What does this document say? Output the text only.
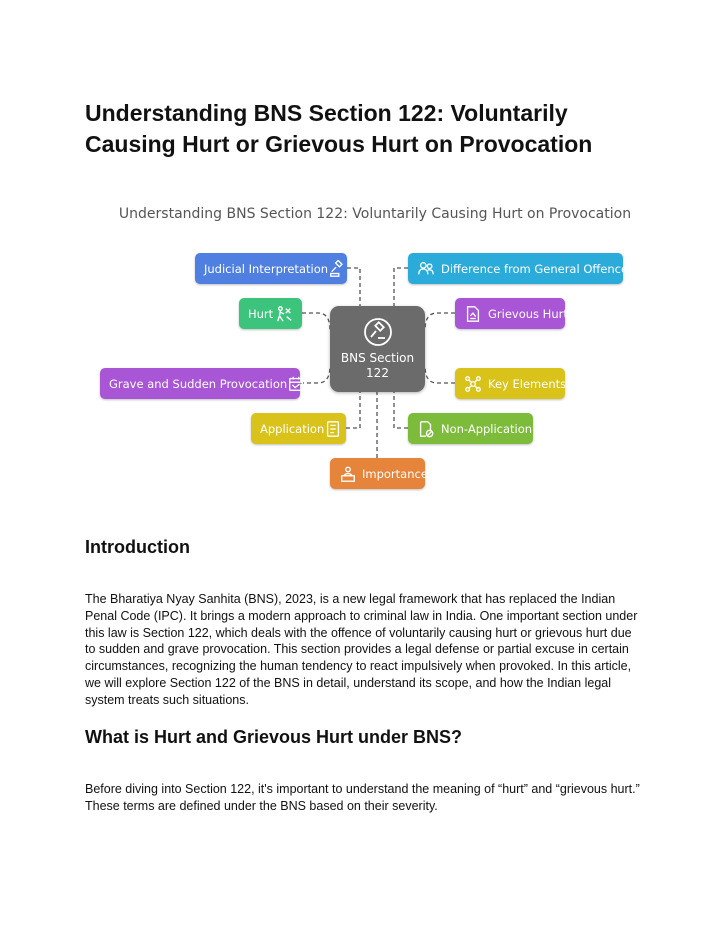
Understanding BNS Section 122: Voluntarily Causing Hurt or Grievous Hurt on Provocation
Understanding BNS Section 122: Voluntarily Causing Hurt on Provocation
Judicial Interpretation	Difference from General Offences
Hurt	Grievous Hurt
Grave and Sudden Provocation	Key Elements
Application	Non-Application
Importance
BNS Section
122
Introduction
The Bharatiya Nyay Sanhita (BNS), 2023, is a new legal framework that has replaced the Indian Penal Code (IPC). It brings a modern approach to criminal law in India. One important section under this law is Section 122, which deals with the offence of voluntarily causing hurt or grievous hurt due to sudden and grave provocation. This section provides a legal defense or partial excuse in certain circumstances, recognizing the human tendency to react impulsively when provoked. In this article, we will explore Section 122 of the BNS in detail, understand its scope, and how the Indian legal system treats such situations.
What is Hurt and Grievous Hurt under BNS?
Before diving into Section 122, it's important to understand the meaning of “hurt” and “grievous hurt.” These terms are defined under the BNS based on their severity.
